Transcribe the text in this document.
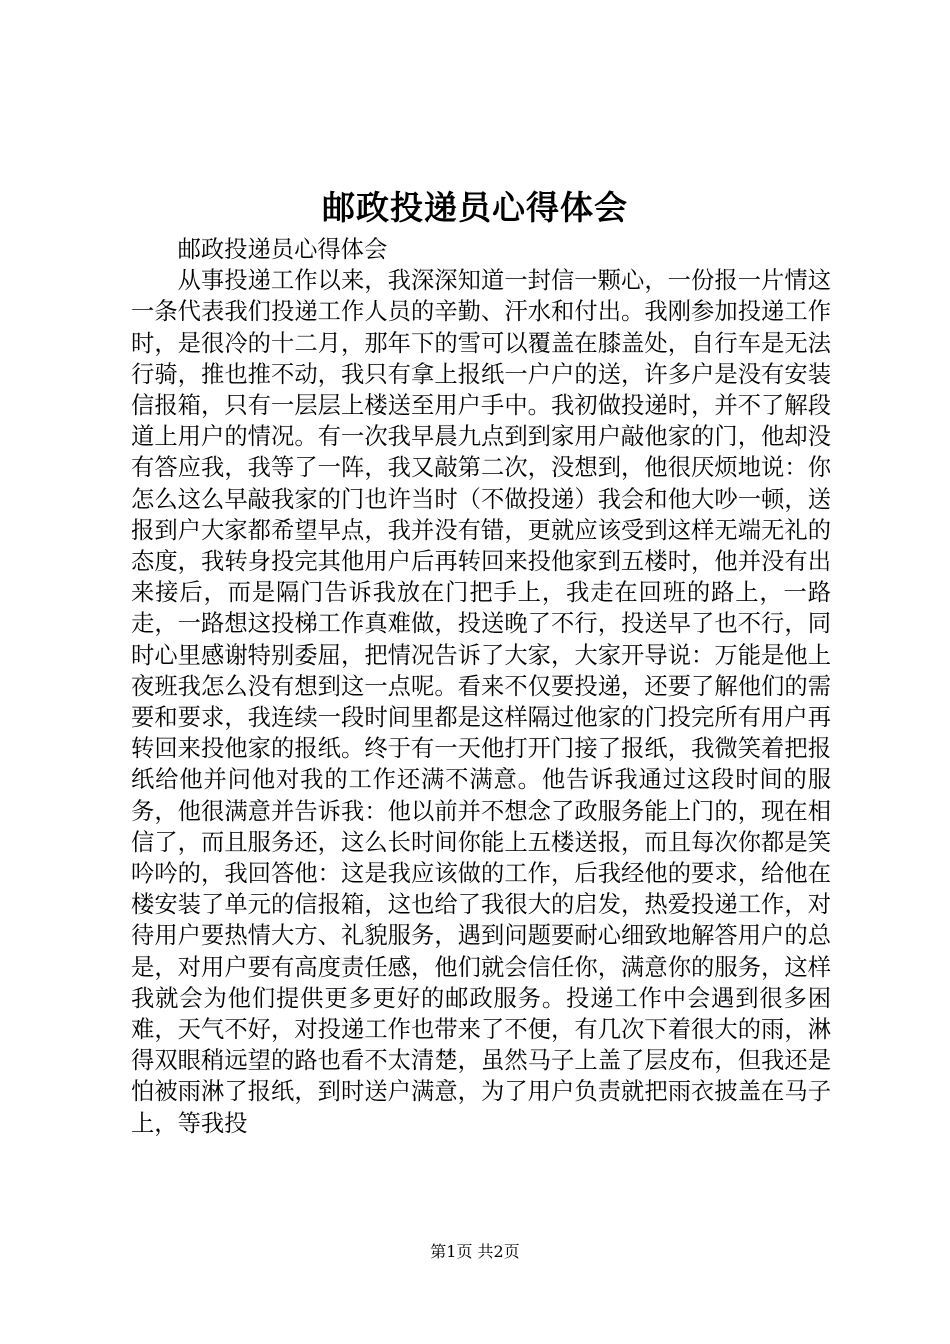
邮政投递员心得体会

邮政投递员心得体会

从事投递工作以来，我深深知道一封信一颗心，一份报一片情这一条代表我们投递工作人员的辛勤、汗水和付出。我刚参加投递工作时，是很冷的十二月，那年下的雪可以覆盖在膝盖处，自行车是无法行骑，推也推不动，我只有拿上报纸一户户的送，许多户是没有安装信报箱，只有一层层上楼送至用户手中。我初做投递时，并不了解段道上用户的情况。有一次我早晨九点到到家用户敲他家的门，他却没有答应我，我等了一阵，我又敲第二次，没想到，他很厌烦地说：你怎么这么早敲我家的门也许当时（不做投递）我会和他大吵一顿，送报到户大家都希望早点，我并没有错，更就应该受到这样无端无礼的态度，我转身投完其他用户后再转回来投他家到五楼时，他并没有出来接后，而是隔门告诉我放在门把手上，我走在回班的路上，一路走，一路想这投梯工作真难做，投送晚了不行，投送早了也不行，同时心里感谢特别委屈，把情况告诉了大家，大家开导说：万能是他上夜班我怎么没有想到这一点呢。看来不仅要投递，还要了解他们的需要和要求，我连续一段时间里都是这样隔过他家的门投完所有用户再转回来投他家的报纸。终于有一天他打开门接了报纸，我微笑着把报纸给他并问他对我的工作还满不满意。他告诉我通过这段时间的服务，他很满意并告诉我：他以前并不想念了政服务能上门的，现在相信了，而且服务还，这么长时间你能上五楼送报，而且每次你都是笑吟吟的，我回答他：这是我应该做的工作，后我经他的要求，给他在楼安装了单元的信报箱，这也给了我很大的启发，热爱投递工作，对待用户要热情大方、礼貌服务，遇到问题要耐心细致地解答用户的总是，对用户要有高度责任感，他们就会信任你，满意你的服务，这样我就会为他们提供更多更好的邮政服务。投递工作中会遇到很多困难，天气不好，对投递工作也带来了不便，有几次下着很大的雨，淋得双眼稍远望的路也看不太清楚，虽然马子上盖了层皮布，但我还是怕被雨淋了报纸，到时送户满意，为了用户负责就把雨衣披盖在马子上，等我投

第1页 共2页
